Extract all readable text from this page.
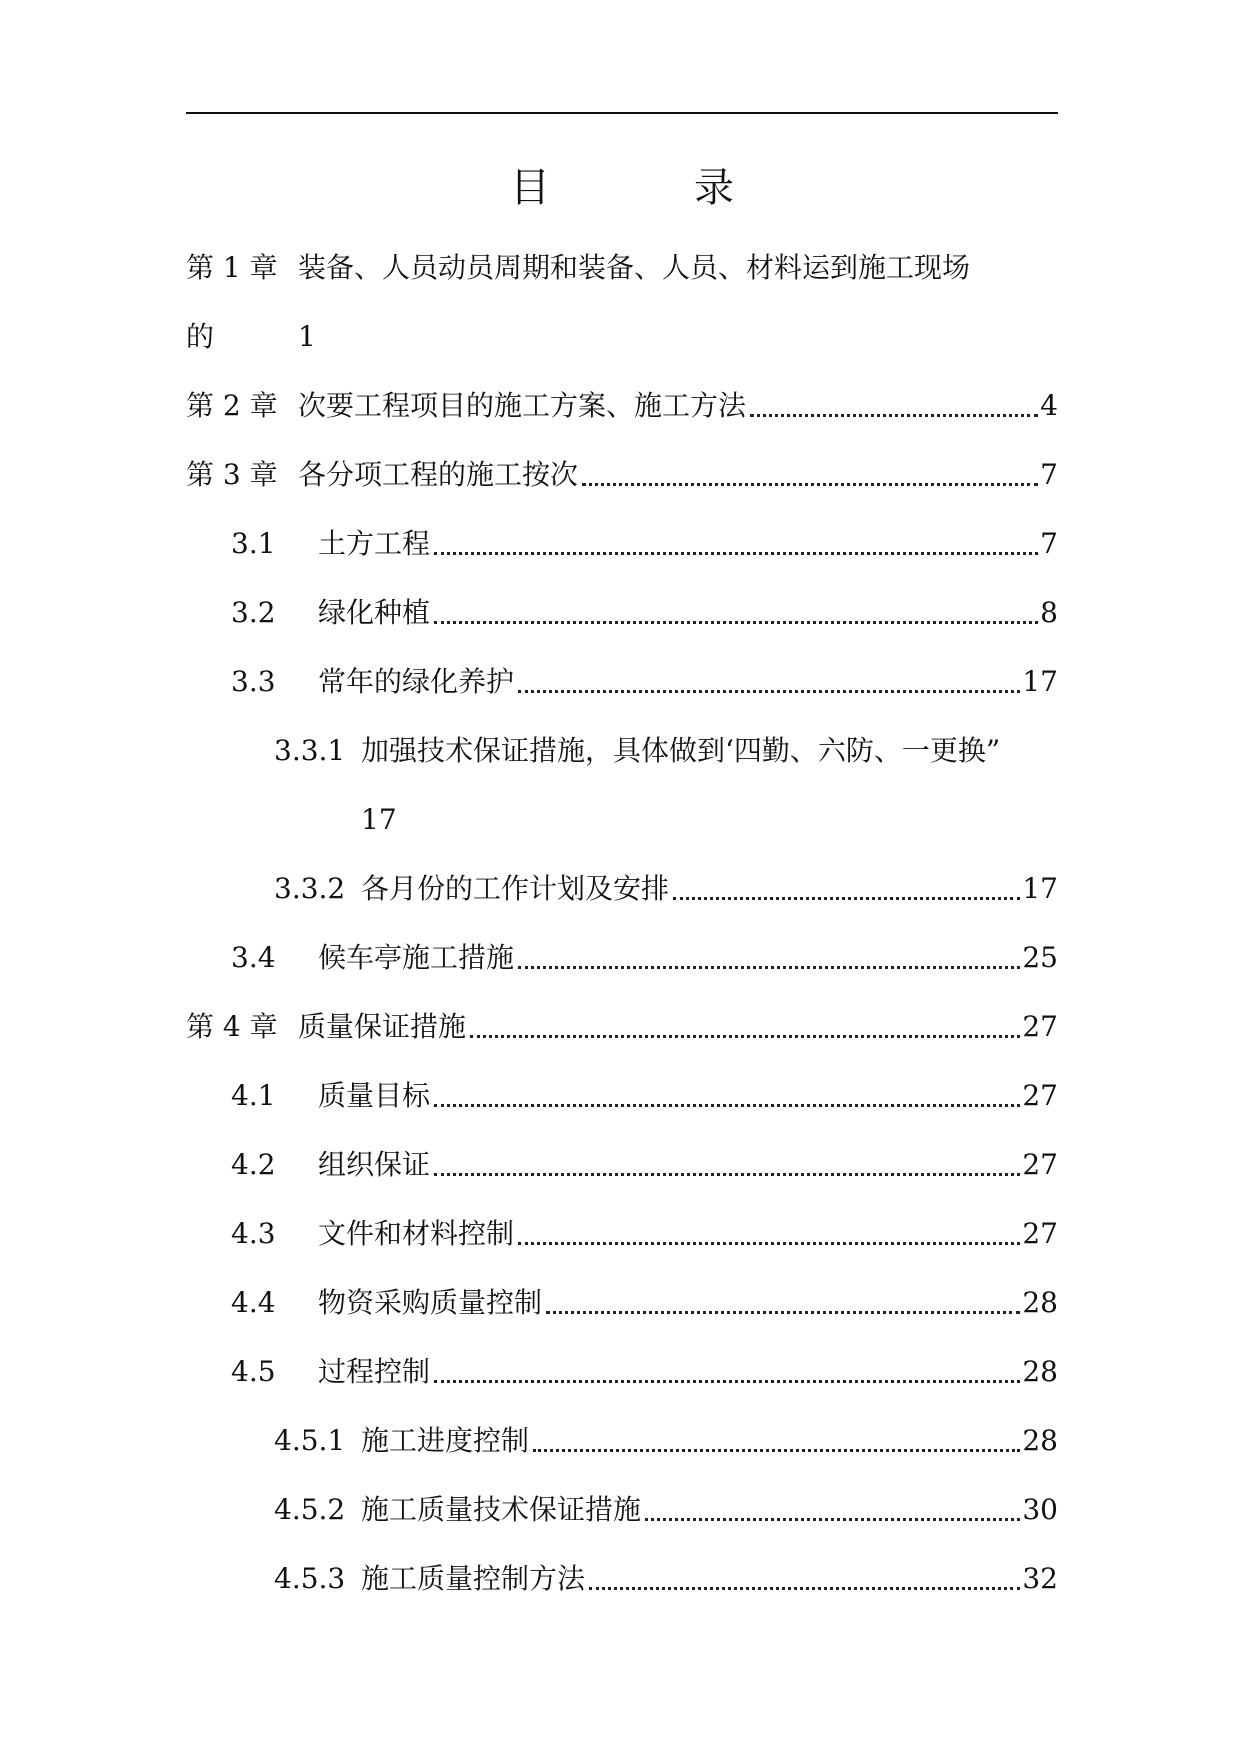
目　录
第 1 章 装备、人员动员周期和装备、人员、材料运到施工现场
的	1
第 2 章 次要工程项目的施工方案、施工方法	4
第 3 章 各分项工程的施工按次	7
3.1	土方工程	7
3.2	绿化种植	8
3.3	常年的绿化养护	17
3.3.1 加强技术保证措施，具体做到‘四勤、六防、一更换”
17
3.3.2 各月份的工作计划及安排	17
3.4	候车亭施工措施	25
第 4 章 质量保证措施	27
4.1	质量目标	27
4.2	组织保证	27
4.3	文件和材料控制	27
4.4	物资采购质量控制	28
4.5	过程控制	28
4.5.1 施工进度控制	28
4.5.2 施工质量技术保证措施	30
4.5.3 施工质量控制方法	32
